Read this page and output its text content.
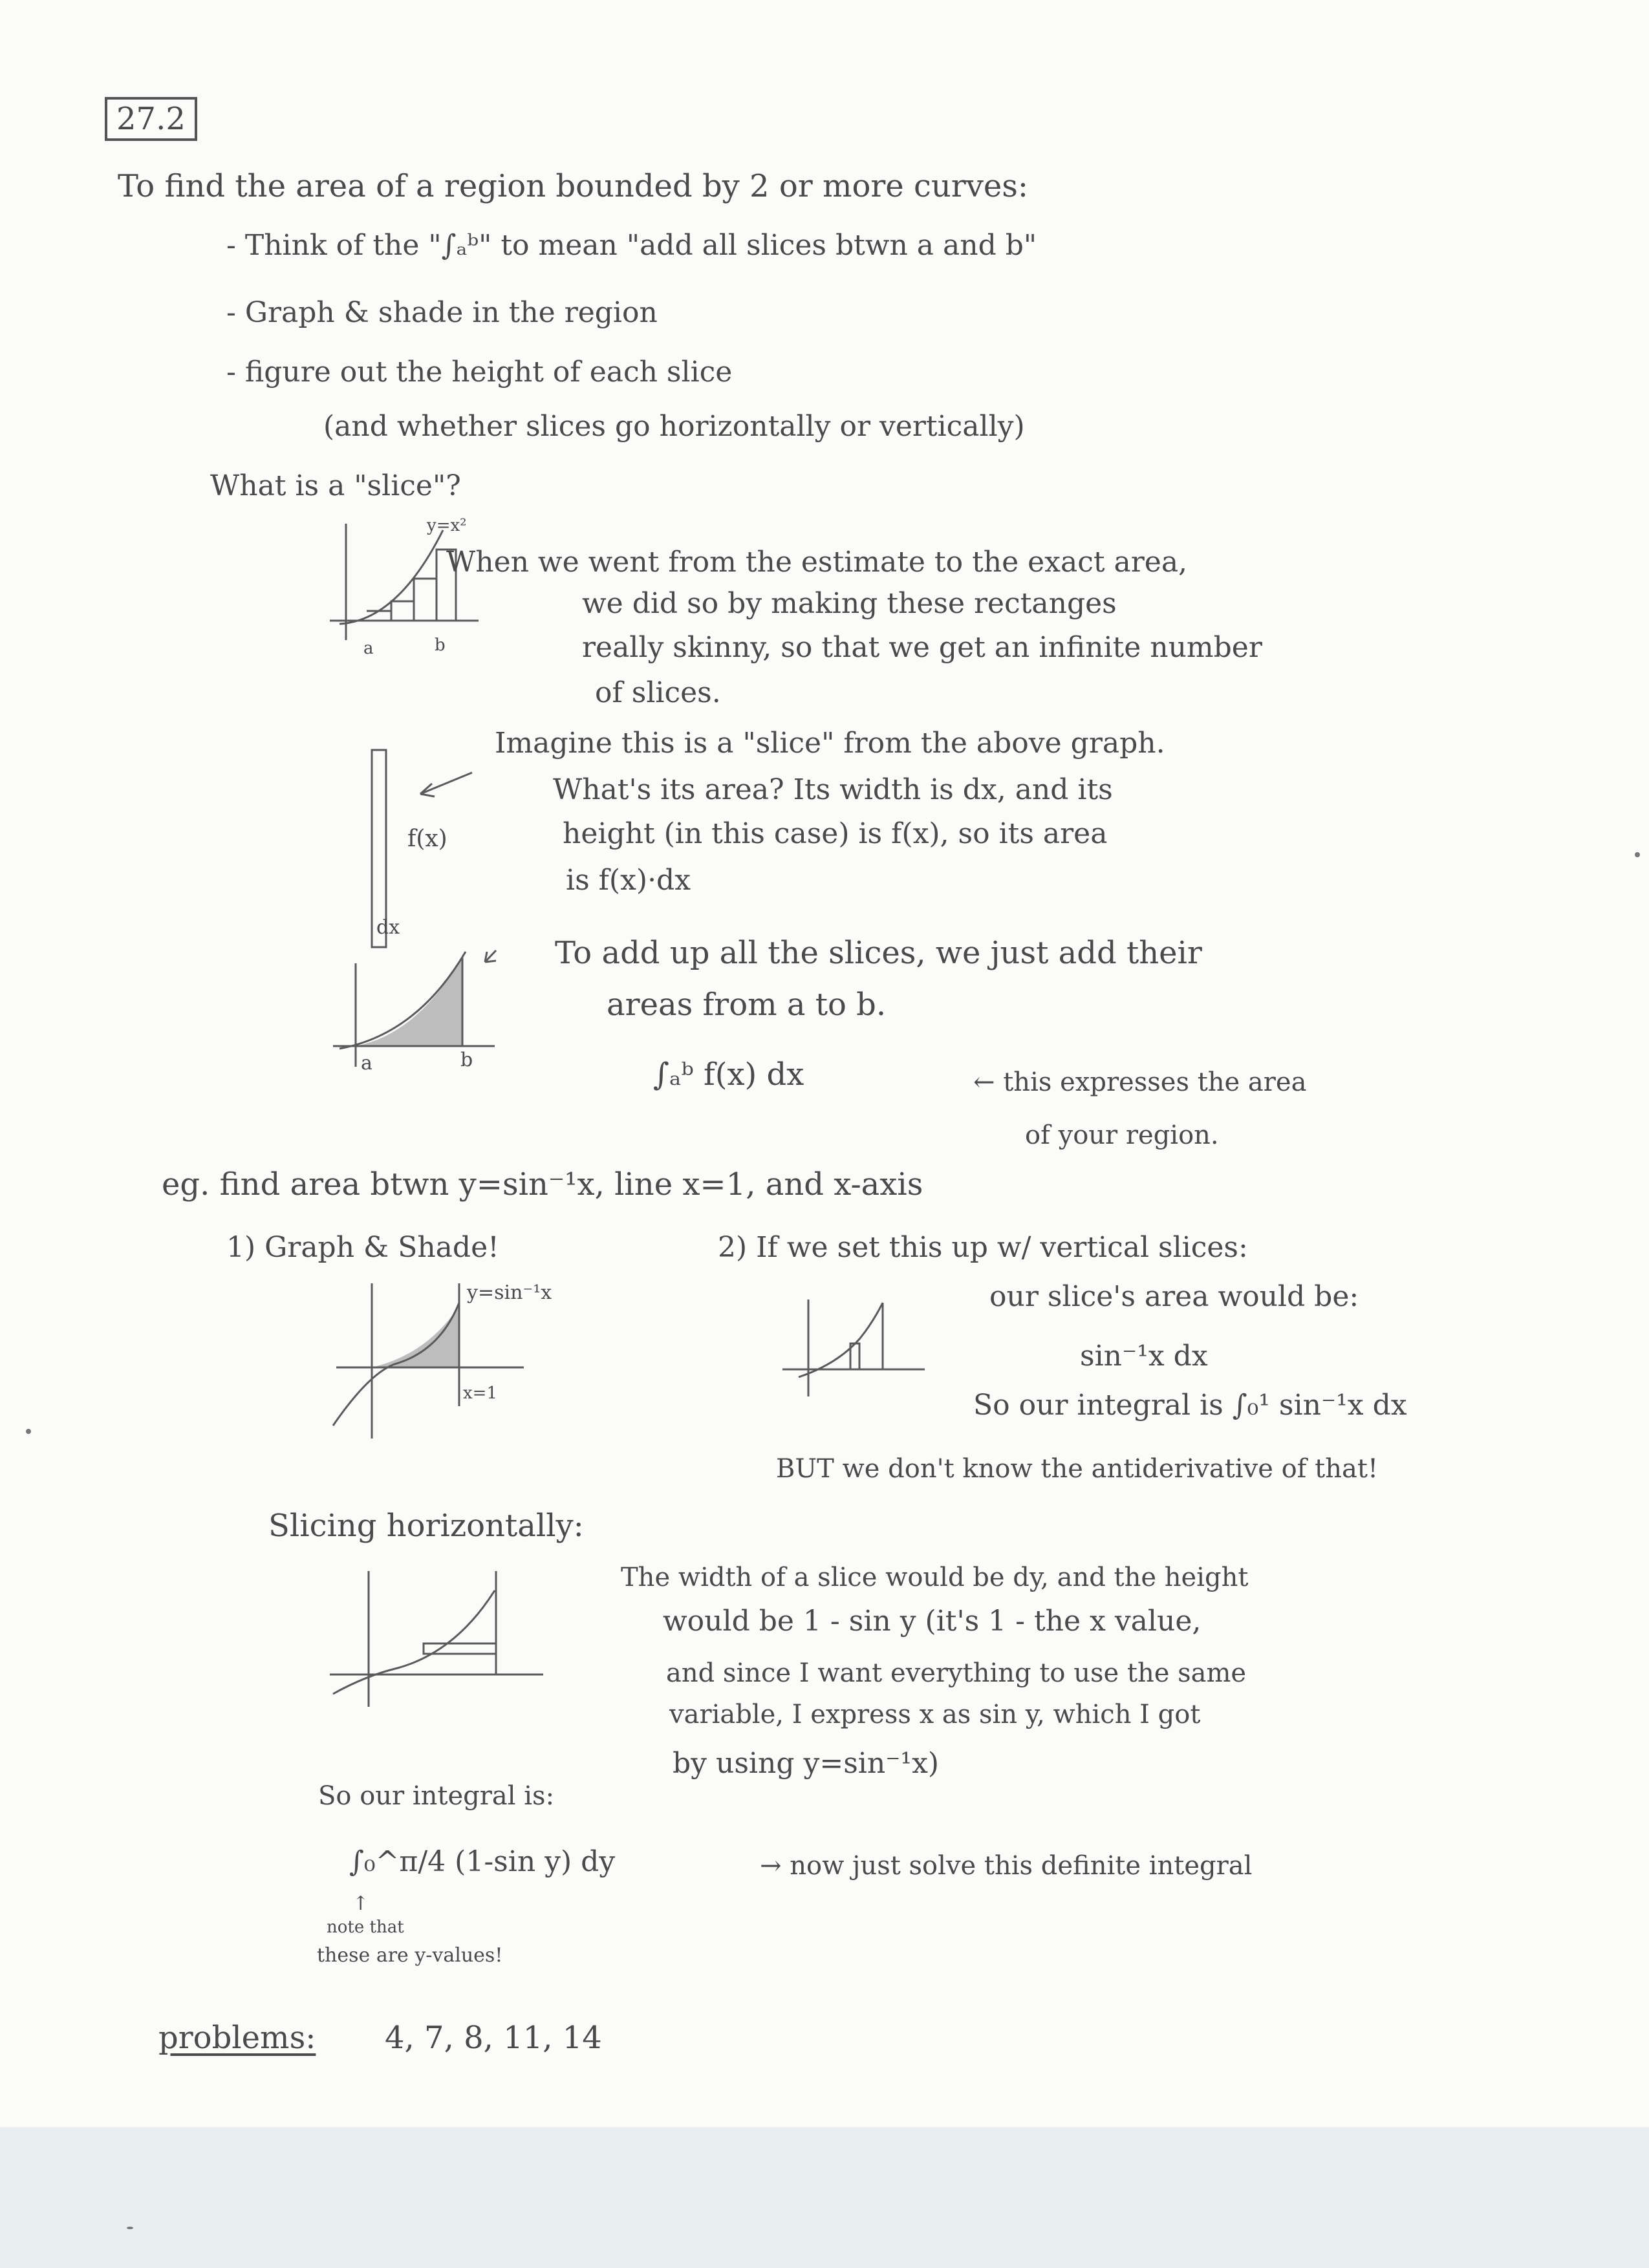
27.2
To find the area of a region bounded by 2 or more curves:
- Think of the "∫ₐᵇ" to mean "add all slices btwn a and b"
- Graph & shade in the region
- figure out the height of each slice
(and whether slices go horizontally or vertically)
What is a "slice"?
y=x²
a	b
When we went from the estimate to the exact area,
we did so by making these rectanges
really skinny, so that we get an infinite number
of slices.
f(x)
dx
Imagine this is a "slice" from the above graph.
What's its area? Its width is dx, and its
height (in this case) is f(x), so its area
is f(x)·dx
a	b
To add up all the slices, we just add their
areas from a to b.
∫ₐᵇ f(x) dx	← this expresses the area
of your region.
eg. find area btwn y=sin⁻¹x, line x=1, and x-axis
1) Graph & Shade!
y=sin⁻¹x
x=1
2) If we set this up w/ vertical slices:
our slice's area would be:
sin⁻¹x dx
So our integral is ∫₀¹ sin⁻¹x dx
BUT we don't know the antiderivative of that!
Slicing horizontally:
The width of a slice would be dy, and the height
would be 1 - sin y (it's 1 - the x value,
and since I want everything to use the same
variable, I express x as sin y, which I got
by using y=sin⁻¹x)
So our integral is:
∫₀^π/4 (1-sin y) dy	→ now just solve this definite integral
↑
note that
these are y-values!
problems: 4, 7, 8, 11, 14
